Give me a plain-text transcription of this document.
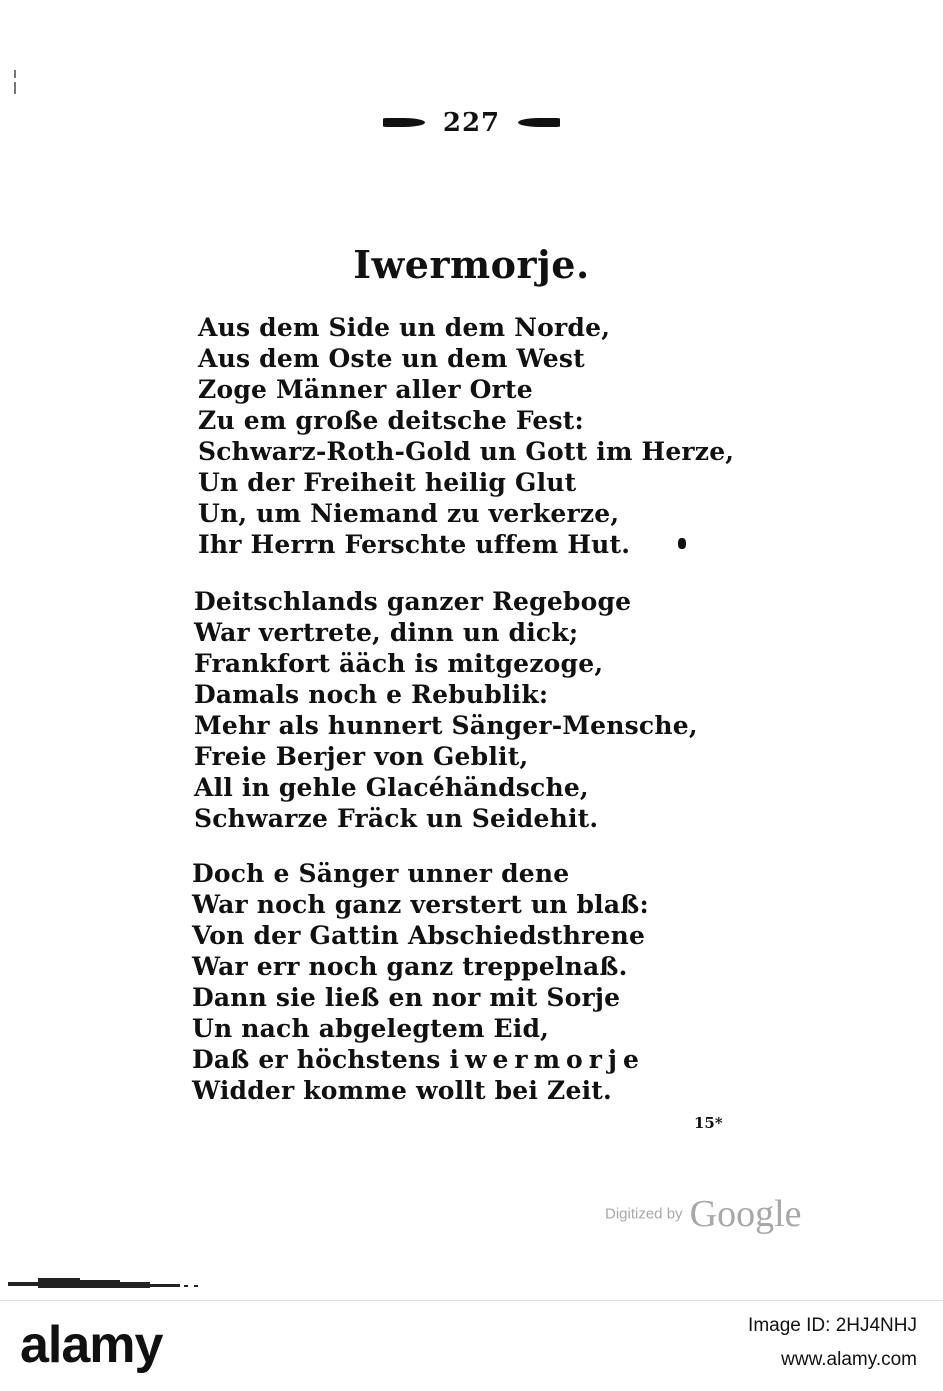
227
Iwermorje.
Aus dem Side un dem Norde,
Aus dem Oste un dem West
Zoge Männer aller Orte
Zu em große deitsche Fest:
Schwarz-Roth-Gold un Gott im Herze,
Un der Freiheit heilig Glut
Un, um Niemand zu verkerze,
Ihr Herrn Ferschte uffem Hut.
Deitschlands ganzer Regeboge
War vertrete, dinn un dick;
Frankfort ääch is mitgezoge,
Damals noch e Rebublik:
Mehr als hunnert Sänger-Mensche,
Freie Berjer von Geblit,
All in gehle Glacéhändsche,
Schwarze Fräck un Seidehit.
Doch e Sänger unner dene
War noch ganz verstert un blaß:
Von der Gattin Abschiedsthrene
War err noch ganz treppelnaß.
Dann sie ließ en nor mit Sorje
Un nach abgelegtem Eid,
Daß er höchstens iwermorje
Widder komme wollt bei Zeit.
15*
Digitized by Google
alamy	Image ID: 2HJ4NHJ
www.alamy.com
